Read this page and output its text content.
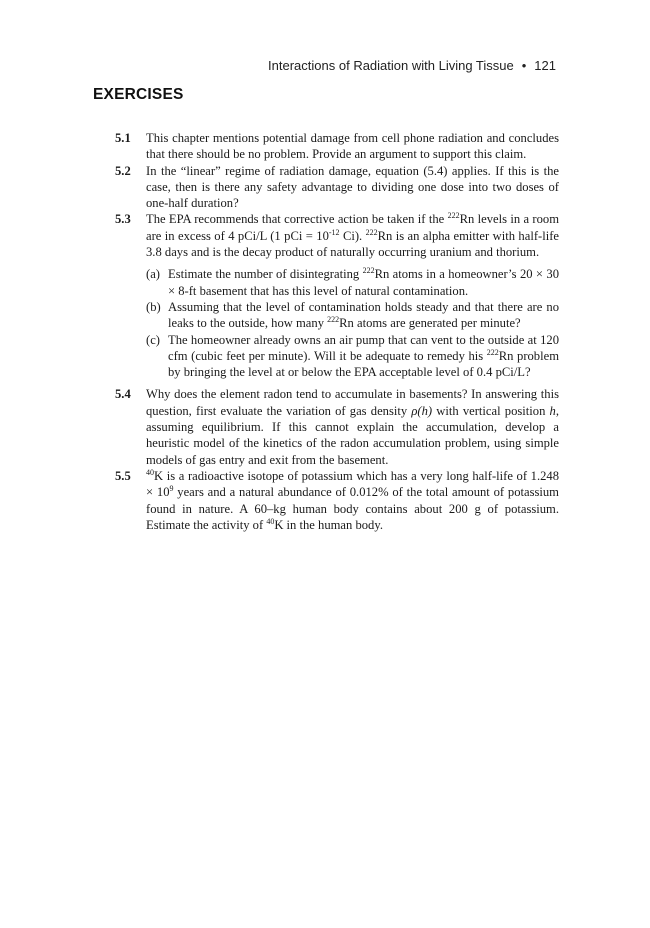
Interactions of Radiation with Living Tissue • 121
EXERCISES
5.1	This chapter mentions potential damage from cell phone radiation and concludes that there should be no problem. Provide an argument to support this claim.
5.2	In the “linear” regime of radiation damage, equation (5.4) applies. If this is the case, then is there any safety advantage to dividing one dose into two doses of one-half duration?
5.3	The EPA recommends that corrective action be taken if the $^{222}$Rn levels in a room are in excess of 4 pCi/L (1 pCi = $10^{-12}$ Ci). $^{222}$Rn is an alpha emitter with half-life 3.8 days and is the decay product of naturally occurring uranium and thorium.

(a) Estimate the number of disintegrating $^{222}$Rn atoms in a homeowner’s 20 × 30 × 8-ft basement that has this level of natural contamination.
(b) Assuming that the level of contamination holds steady and that there are no leaks to the outside, how many $^{222}$Rn atoms are generated per minute?
(c) The homeowner already owns an air pump that can vent to the outside at 120 cfm (cubic feet per minute). Will it be adequate to remedy his $^{222}$Rn problem by bringing the level at or below the EPA acceptable level of 0.4 pCi/L?
5.4	Why does the element radon tend to accumulate in basements? In answering this question, first evaluate the variation of gas density ρ(h) with vertical position h, assuming equilibrium. If this cannot explain the accumulation, develop a heuristic model of the kinetics of the radon accumulation problem, using simple models of gas entry and exit from the basement.
5.5	$^{40}$K is a radioactive isotope of potassium which has a very long half-life of $1.248 \times 10^9$ years and a natural abundance of 0.012% of the total amount of potassium found in nature. A 60–kg human body contains about 200 g of potassium. Estimate the activity of $^{40}$K in the human body.
